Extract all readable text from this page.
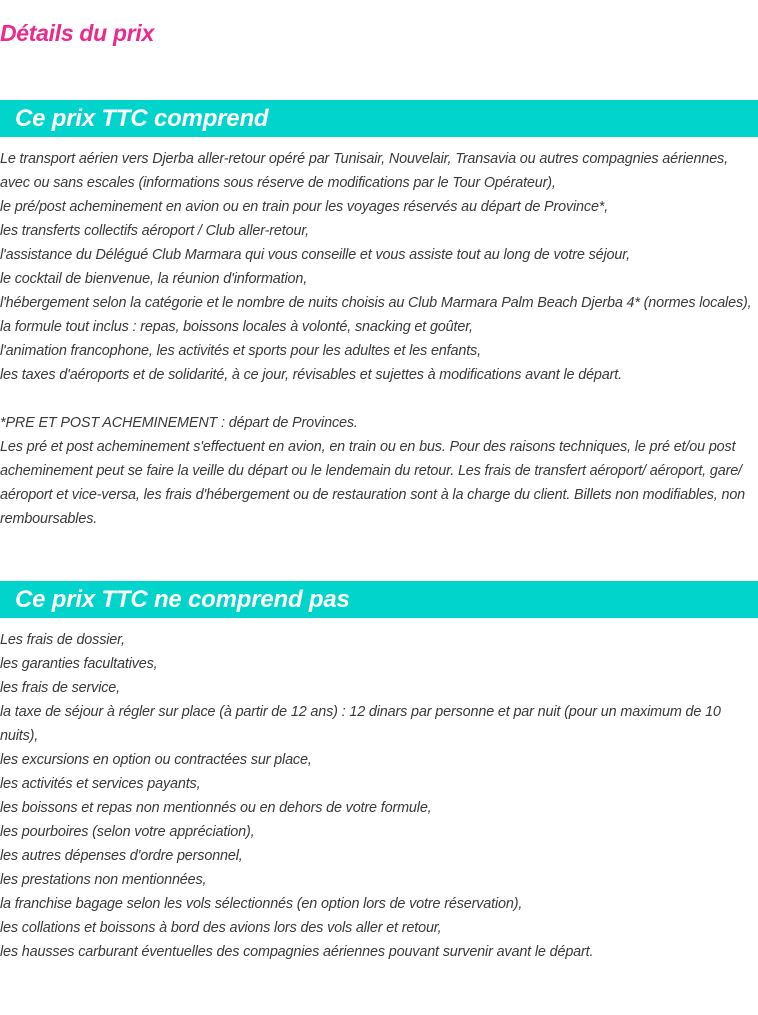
Détails du prix
Ce prix TTC comprend

Le transport aérien vers Djerba aller-retour opéré par Tunisair, Nouvelair, Transavia ou autres compagnies aériennes, avec ou sans escales (informations sous réserve de modifications par le Tour Opérateur),

le pré/post acheminement en avion ou en train pour les voyages réservés au départ de Province*,

les transferts collectifs aéroport / Club aller-retour,

l'assistance du Délégué Club Marmara qui vous conseille et vous assiste tout au long de votre séjour,

le cocktail de bienvenue, la réunion d'information,

l'hébergement selon la catégorie et le nombre de nuits choisis au Club Marmara Palm Beach Djerba 4* (normes locales),

la formule tout inclus : repas, boissons locales à volonté, snacking et goûter,

l'animation francophone, les activités et sports pour les adultes et les enfants,

les taxes d'aéroports et de solidarité, à ce jour, révisables et sujettes à modifications avant le départ.

*PRE ET POST ACHEMINEMENT : départ de Provinces.

Les pré et post acheminement s'effectuent en avion, en train ou en bus. Pour des raisons techniques, le pré et/ou post acheminement peut se faire la veille du départ ou le lendemain du retour. Les frais de transfert aéroport/ aéroport, gare/ aéroport et vice-versa, les frais d'hébergement ou de restauration sont à la charge du client. Billets non modifiables, non remboursables.

Ce prix TTC ne comprend pas

Les frais de dossier,

les garanties facultatives,

les frais de service,

la taxe de séjour à régler sur place (à partir de 12 ans) : 12 dinars par personne et par nuit (pour un maximum de 10 nuits),

les excursions en option ou contractées sur place,

les activités et services payants,

les boissons et repas non mentionnés ou en dehors de votre formule,

les pourboires (selon votre appréciation),

les autres dépenses d'ordre personnel,

les prestations non mentionnées,

la franchise bagage selon les vols sélectionnés (en option lors de votre réservation),

les collations et boissons à bord des avions lors des vols aller et retour,

les hausses carburant éventuelles des compagnies aériennes pouvant survenir avant le départ.
